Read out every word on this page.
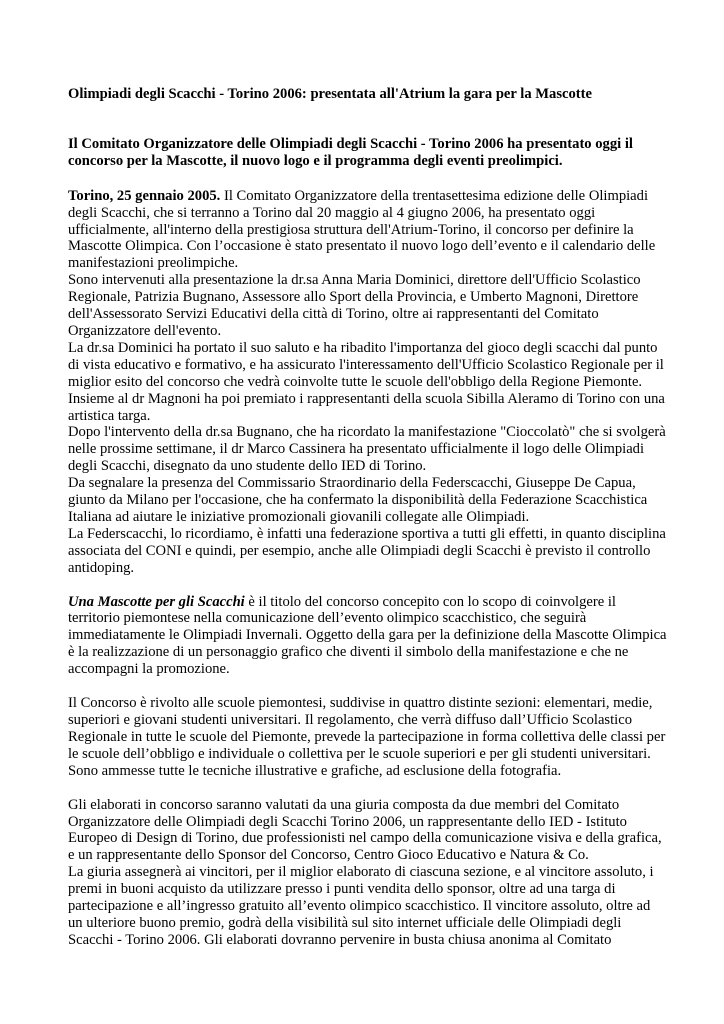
Olimpiadi degli Scacchi - Torino 2006: presentata all'Atrium la gara per la Mascotte

Il Comitato Organizzatore delle Olimpiadi degli Scacchi - Torino 2006 ha presentato oggi il concorso per la Mascotte, il nuovo logo e il programma degli eventi preolimpici.

Torino, 25 gennaio 2005. Il Comitato Organizzatore della trentasettesima edizione delle Olimpiadi degli Scacchi, che si terranno a Torino dal 20 maggio al 4 giugno 2006, ha presentato oggi ufficialmente, all'interno della prestigiosa struttura dell'Atrium-Torino, il concorso per definire la Mascotte Olimpica. Con l’occasione è stato presentato il nuovo logo dell’evento e il calendario delle manifestazioni preolimpiche.

Sono intervenuti alla presentazione la dr.sa Anna Maria Dominici, direttore dell'Ufficio Scolastico Regionale, Patrizia Bugnano, Assessore allo Sport della Provincia, e Umberto Magnoni, Direttore dell'Assessorato Servizi Educativi della città di Torino, oltre ai rappresentanti del Comitato Organizzatore dell'evento.

La dr.sa Dominici ha portato il suo saluto e ha ribadito l'importanza del gioco degli scacchi dal punto di vista educativo e formativo, e ha assicurato l'interessamento dell'Ufficio Scolastico Regionale per il miglior esito del concorso che vedrà coinvolte tutte le scuole dell'obbligo della Regione Piemonte. Insieme al dr Magnoni ha poi premiato i rappresentanti della scuola Sibilla Aleramo di Torino con una artistica targa.

Dopo l'intervento della dr.sa Bugnano, che ha ricordato la manifestazione "Cioccolatò" che si svolgerà nelle prossime settimane, il dr Marco Cassinera ha presentato ufficialmente il logo delle Olimpiadi degli Scacchi, disegnato da uno studente dello IED di Torino.

Da segnalare la presenza del Commissario Straordinario della Federscacchi, Giuseppe De Capua, giunto da Milano per l'occasione, che ha confermato la disponibilità della Federazione Scacchistica Italiana ad aiutare le iniziative promozionali giovanili collegate alle Olimpiadi.

La Federscacchi, lo ricordiamo, è infatti una federazione sportiva a tutti gli effetti, in quanto disciplina associata del CONI e quindi, per esempio, anche alle Olimpiadi degli Scacchi è previsto il controllo antidoping.

Una Mascotte per gli Scacchi è il titolo del concorso concepito con lo scopo di coinvolgere il territorio piemontese nella comunicazione dell’evento olimpico scacchistico, che seguirà immediatamente le Olimpiadi Invernali. Oggetto della gara per la definizione della Mascotte Olimpica è la realizzazione di un personaggio grafico che diventi il simbolo della manifestazione e che ne accompagni la promozione.

Il Concorso è rivolto alle scuole piemontesi, suddivise in quattro distinte sezioni: elementari, medie, superiori e giovani studenti universitari. Il regolamento, che verrà diffuso dall’Ufficio Scolastico Regionale in tutte le scuole del Piemonte, prevede la partecipazione in forma collettiva delle classi per le scuole dell’obbligo e individuale o collettiva per le scuole superiori e per gli studenti universitari. Sono ammesse tutte le tecniche illustrative e grafiche, ad esclusione della fotografia.

Gli elaborati in concorso saranno valutati da una giuria composta da due membri del Comitato Organizzatore delle Olimpiadi degli Scacchi Torino 2006, un rappresentante dello IED - Istituto Europeo di Design di Torino, due professionisti nel campo della comunicazione visiva e della grafica, e un rappresentante dello Sponsor del Concorso, Centro Gioco Educativo e Natura & Co.

La giuria assegnerà ai vincitori, per il miglior elaborato di ciascuna sezione, e al vincitore assoluto, i premi in buoni acquisto da utilizzare presso i punti vendita dello sponsor, oltre ad una targa di partecipazione e all’ingresso gratuito all’evento olimpico scacchistico. Il vincitore assoluto, oltre ad un ulteriore buono premio, godrà della visibilità sul sito internet ufficiale delle Olimpiadi degli Scacchi - Torino 2006. Gli elaborati dovranno pervenire in busta chiusa anonima al Comitato
